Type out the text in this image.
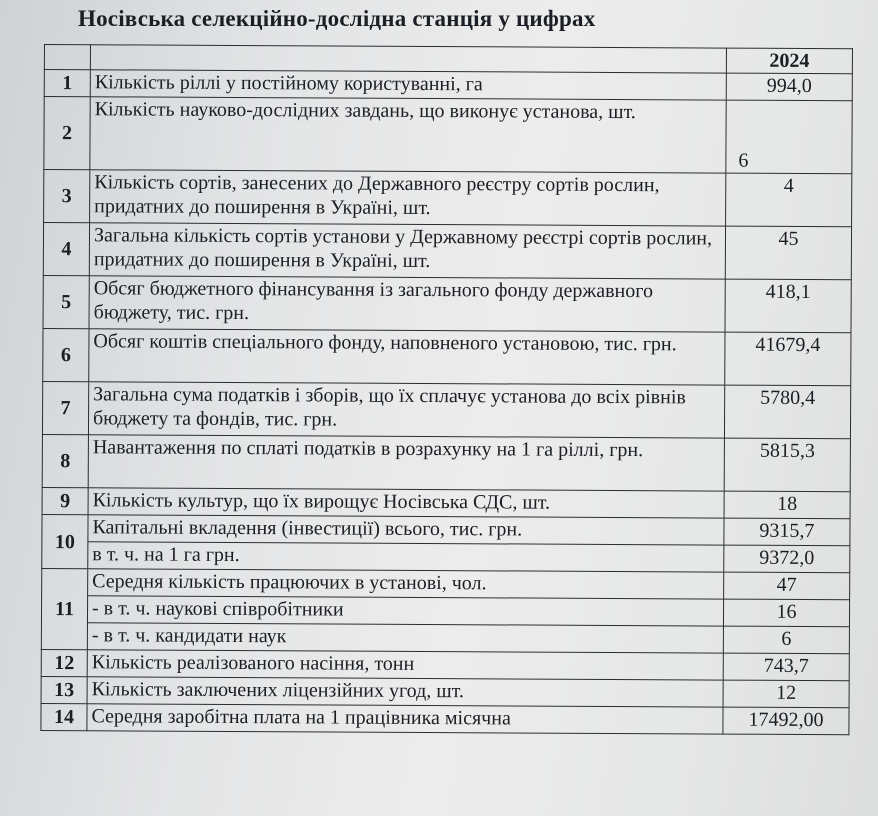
Носівська селекційно-дослідна станція у цифрах
		2024
1	Кількість ріллі у постійному користуванні, га	994,0
2	Кількість науково-дослідних завдань, що виконує установа, шт.	6
3	Кількість сортів, занесених до Державного реєстру сортів рослин, придатних до поширення в Україні, шт.	4
4	Загальна кількість сортів установи у Державному реєстрі сортів рослин, придатних до поширення в Україні, шт.	45
5	Обсяг бюджетного фінансування із загального фонду державного бюджету, тис. грн.	418,1
6	Обсяг коштів спеціального фонду, наповненого установою, тис. грн.	41679,4
7	Загальна сума податків і зборів, що їх сплачує установа до всіх рівнів бюджету та фондів, тис. грн.	5780,4
8	Навантаження по сплаті податків в розрахунку на 1 га ріллі, грн.	5815,3
9	Кількість культур, що їх вирощує Носівська СДС, шт.	18
10	Капітальні вкладення (інвестиції) всього, тис. грн.	9315,7
	в т. ч. на 1 га грн.	9372,0
11	Середня кількість працюючих в установі, чол.	47
	- в т. ч. наукові співробітники	16
	- в т. ч. кандидати наук	6
12	Кількість реалізованого насіння, тонн	743,7
13	Кількість заключених ліцензійних угод, шт.	12
14	Середня заробітна плата на 1 працівника місячна	17492,00
